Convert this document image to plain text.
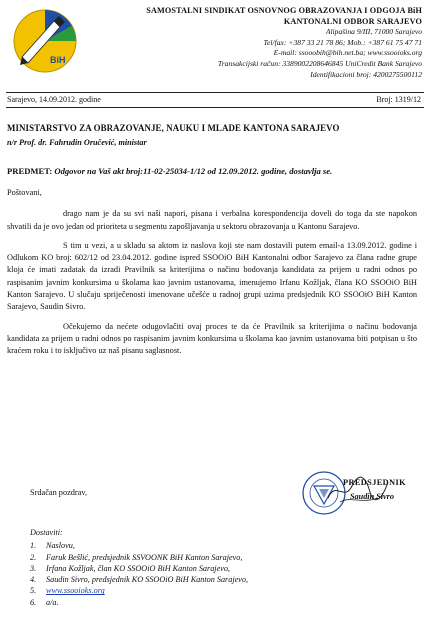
BiH
SAMOSTALNI SINDIKAT OSNOVNOG OBRAZOVANJA I ODGOJA BiH
KANTONALNI ODBOR SARAJEVO
Alipašina 9/III, 71000 Sarajevo
Tel/fax: +387 33 21 78 86; Mob.: +387 61 75 47 71
E-mail: ssooobih@bih.net.ba; www.ssooioks.org
Transakcijski račun: 3389002208646845 UniCredit Bank Sarajevo
Identifikacioni broj: 4200275500112
Sarajevo, 14.09.2012. godine	Broj: 1319/12
MINISTARSTVO ZA OBRAZOVANJE, NAUKU I MLADE KANTONA SARAJEVO
n/r Prof. dr. Fahrudin Oručević, ministar
PREDMET: Odgovor na Vaš akt broj:11-02-25034-1/12 od 12.09.2012. godine, dostavlja se.

Poštovani,

drago nam je da su svi naši napori, pisana i verbalna korespondencija doveli do toga da ste napokon shvatili da je ovo jedan od prioriteta u segmentu zapošljavanja u sektoru obrazovanja u Kantonu Sarajevo.

S tim u vezi, a u skladu sa aktom iz naslova koji ste nam dostavili putem email-a 13.09.2012. godine i Odlukom KO broj: 602/12 od 23.04.2012. godine ispred SSOOiO BiH Kantonalni odbor Sarajevo za člana radne grupe kloja će imati zadatak da izradi Pravilnik sa kriterijima o načinu bodovanja kandidata za prijem u radni odnos po raspisanim javnim konkursima u školama kao javnim ustanovama, imenujemo Irfanu Kožljak, člana KO SSOOiO BiH Kanton Sarajevo. U slučaju spriječenosti imenovane učešće u radnoj grupi uzima predsjednik KO SSOOiO BiH Kanton Sarajevo, Saudin Sivro.

Očekujemo da nećete odugovlačiti ovaj proces te da će Pravilnik sa kriterijima o načinu bodovanja kandidata za prijem u radni odnos po raspisanim javnim konkursima u školama kao javnim ustanovama biti potpisan u što kraćem roku i to isključivo uz naš pisanu saglasnost.

Srdačan pozdrav,
PREDSJEDNIK
Saudin Sivro
Dostaviti:
1.	Naslovu,
2.	Faruk Bešlić, predsjednik SSVOONK BiH Kanton Sarajevo,
3.	Irfana Kožljak, član KO SSOOiO BiH Kanton Sarajevo,
4.	Saudin Sivro, predsjednik KO SSOOiO BiH Kanton Sarajevo,
5.	www.ssooioks.org
6.	a/a.
